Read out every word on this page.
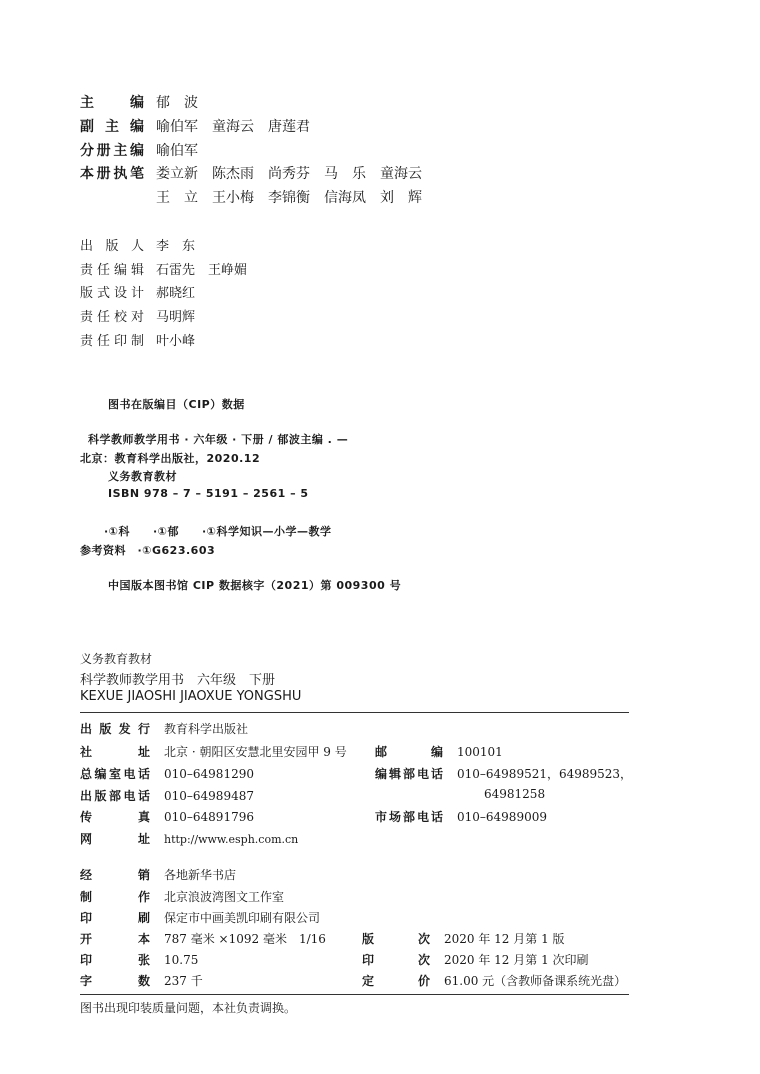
主　　编 郁　波
副 主 编 喻伯军　童海云　唐莲君
分册主编 喻伯军
本册执笔 娄立新　陈杰雨　尚秀芬　马　乐　童海云
王　立　王小梅　李锦衡　信海凤　刘　辉
出 版 人 李　东
责任编辑 石雷先　王峥媚
版式设计 郝晓红
责任校对 马明辉
责任印制 叶小峰
图书在版编目（CIP）数据
科学教师教学用书 · 六年级 · 下册 / 郁波主编 . —
北京：教育科学出版社，2020.12
义务教育教材
ISBN 978 – 7 – 5191 – 2561 – 5
·①科　　·①郁　　·①科学知识—小学—教学
参考资料　·①G623.603
中国版本图书馆 CIP 数据核字（2021）第 009300 号
义务教育教材
科学教师教学用书　六年级　下册
KEXUE JIAOSHI JIAOXUE YONGSHU
出 版 发 行 教育科学出版社
社　　址 北京 · 朝阳区安慧北里安园甲 9 号 邮　　编 100101
总编室电话 010–64981290	编辑部电话 010–64989521，64989523，
出版部电话 010–64989487	64981258
传　　真 010–64891796	市场部电话 010–64989009
网　　址 http://www.esph.com.cn
经　　销 各地新华书店
制　　作 北京浪波湾图文工作室
印　　刷 保定市中画美凯印刷有限公司
开　　本 787 毫米 ×1092 毫米　1/16	版　　次 2020 年 12 月第 1 版
印　　张 10.75	印　　次 2020 年 12 月第 1 次印刷
字　　数 237 千	定　　价 61.00 元（含教师备课系统光盘）
图书出现印装质量问题，本社负责调换。
